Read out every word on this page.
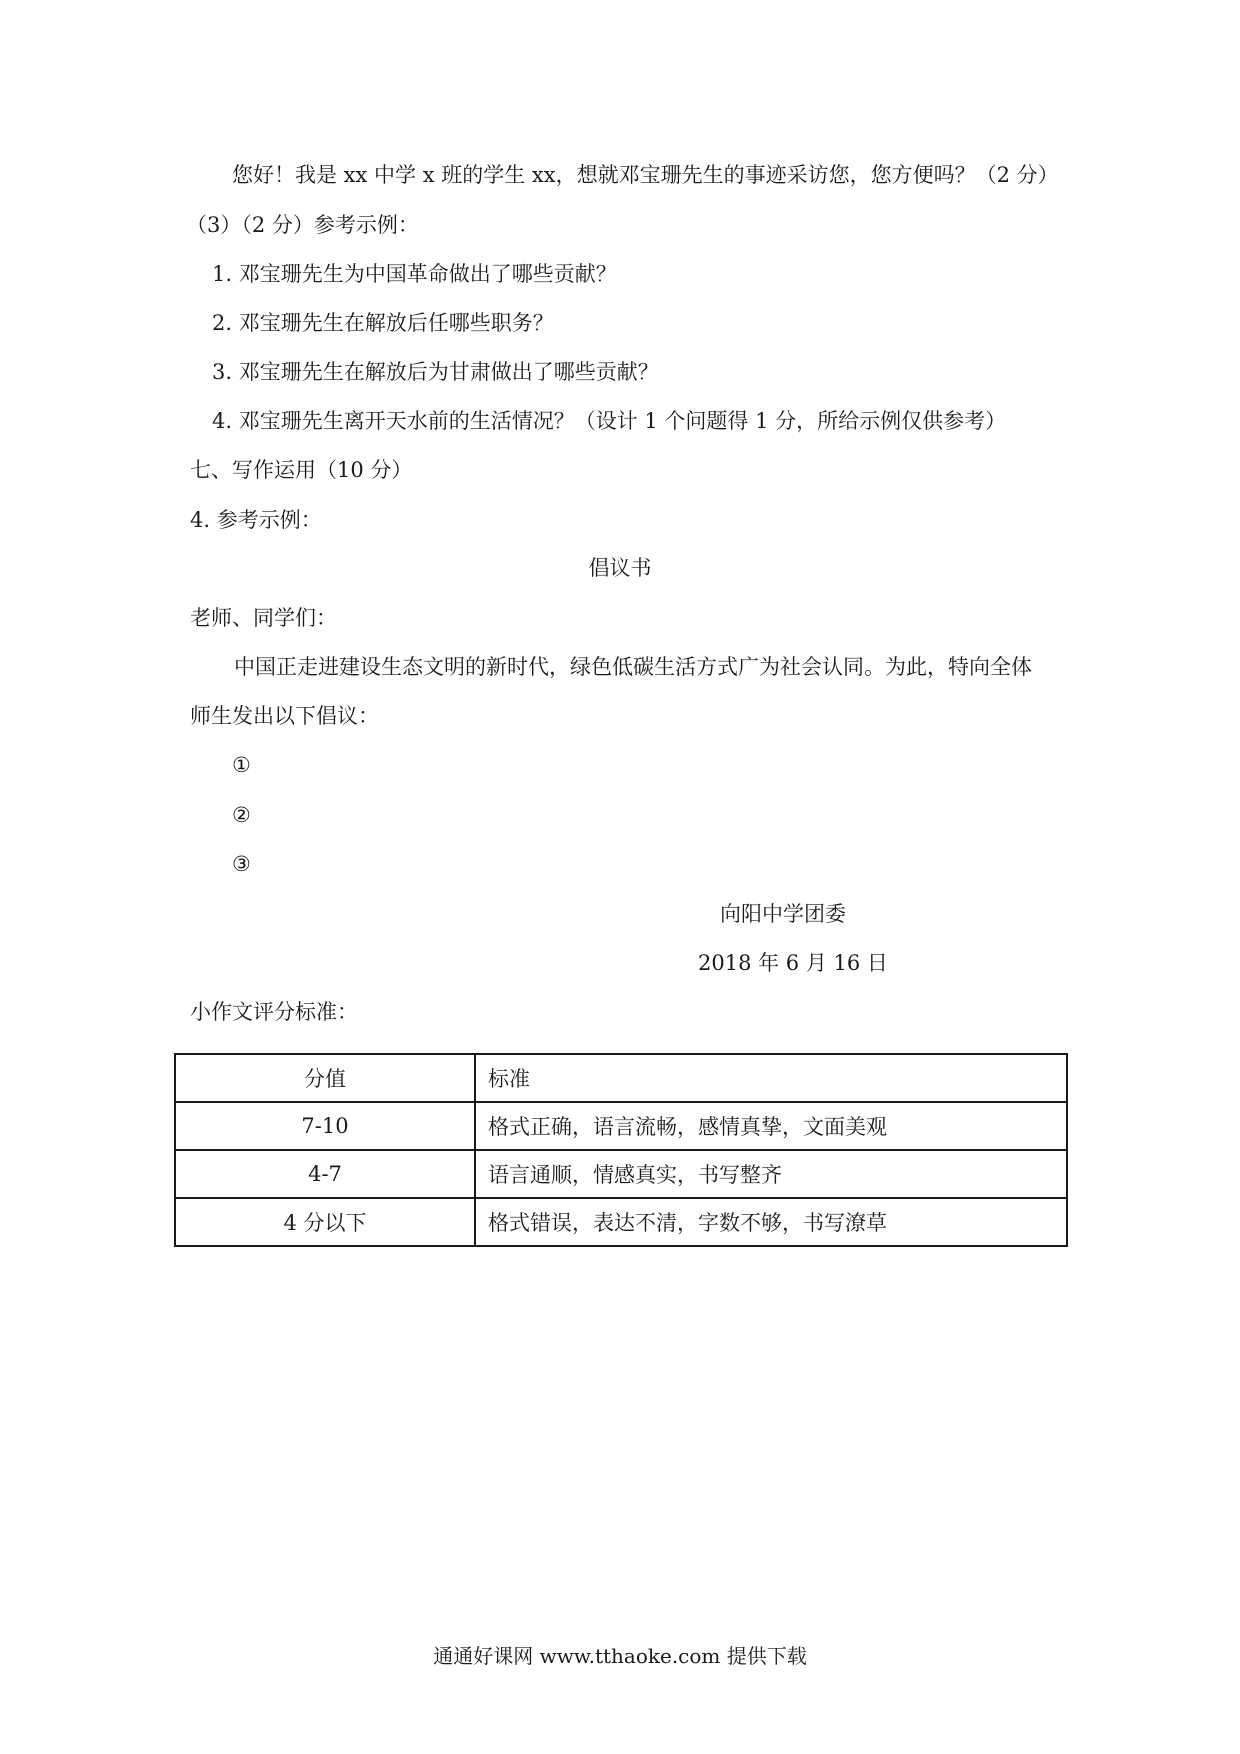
您好！我是 xx 中学 x 班的学生 xx，想就邓宝珊先生的事迹采访您，您方便吗？（2 分）
（3）（2 分）参考示例：
1. 邓宝珊先生为中国革命做出了哪些贡献？
2. 邓宝珊先生在解放后任哪些职务？
3. 邓宝珊先生在解放后为甘肃做出了哪些贡献？
4. 邓宝珊先生离开天水前的生活情况？（设计 1 个问题得 1 分，所给示例仅供参考）
七、写作运用（10 分）
4. 参考示例：
倡议书
老师、同学们：
中国正走进建设生态文明的新时代，绿色低碳生活方式广为社会认同。为此，特向全体
师生发出以下倡议：
①
②
③
向阳中学团委
2018 年 6 月 16 日
小作文评分标准：
分值	标准
7-10	格式正确，语言流畅，感情真挚，文面美观
4-7	语言通顺，情感真实，书写整齐
4 分以下	格式错误，表达不清，字数不够，书写潦草
通通好课网 www.tthaoke.com 提供下载
